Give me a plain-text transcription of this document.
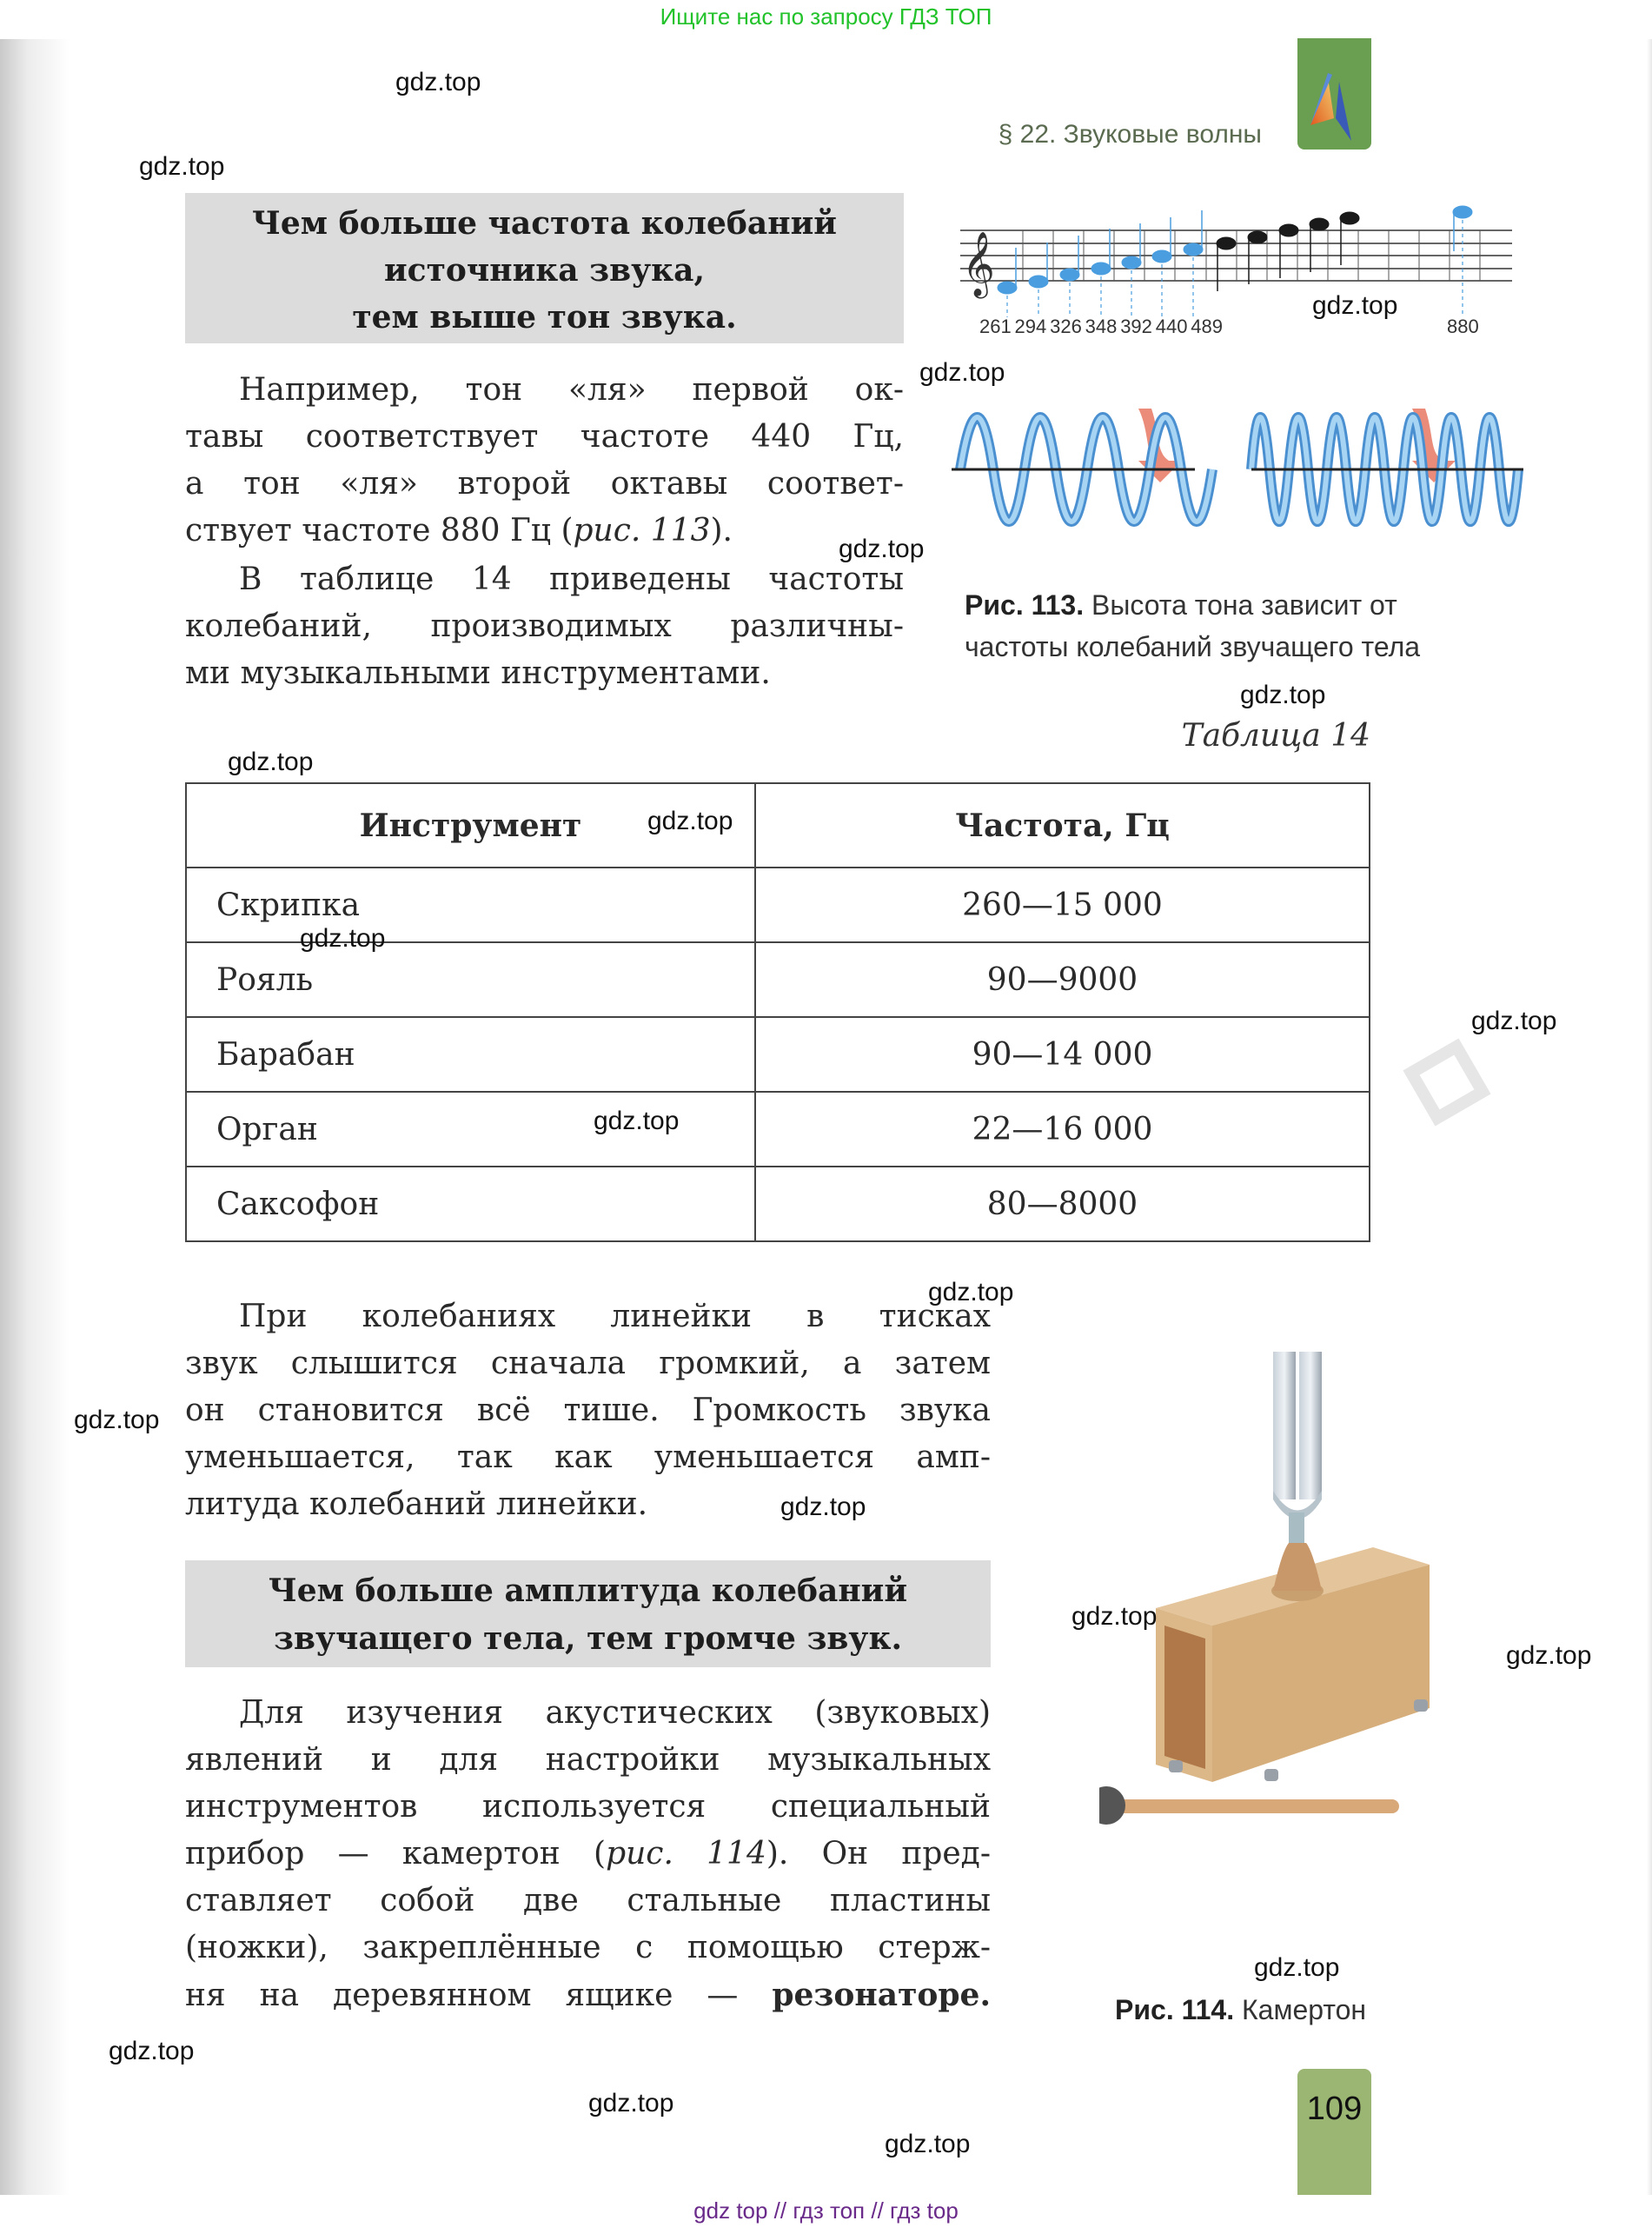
Ищите нас по запросу ГДЗ ТОП
§ 22. Звуковые волны
Чем больше частота колебаний
источника звука,
тем выше тон звука.
Например, тон «ля» первой ок-
тавы соответствует частоте 440 Гц,
а тон «ля» второй октавы соответ-
ствует частоте 880 Гц (рис. 113).
В таблице 14 приведены частоты
колебаний, производимых различны-
ми музыкальными инструментами.
𝄞
261 294 326 348 392 440 489	880
Рис. 113. Высота тона зависит от
частоты колебаний звучащего тела
Таблица 14
Инструмент	Частота, Гц
Скрипка	260—15 000
Рояль	90—9000
Барабан	90—14 000
Орган	22—16 000
Саксофон	80—8000
При колебаниях линейки в тисках
звук слышится сначала громкий, а затем
он становится всё тише. Громкость звука
уменьшается, так как уменьшается амп-
литуда колебаний линейки.
Чем больше амплитуда колебаний
звучащего тела, тем громче звук.
Для изучения акустических (звуковых)
явлений и для настройки музыкальных
инструментов используется специальный
прибор — камертон (рис. 114). Он пред-
ставляет собой две стальные пластины
(ножки), закреплённые с помощью стерж-
ня на деревянном ящике — резонаторе.	Рис. 114. Камертон
109
gdz.top
gdz.top
gdz.top
gdz.top
gdz.top
gdz.top
gdz.top
gdz.top
gdz.top
gdz.top
gdz.top
gdz.top
gdz.top
gdz.top
gdz.top
gdz.top
gdz.top
gdz.top
gdz.top
gdz.top
gdz top // гдз топ // гдз top
